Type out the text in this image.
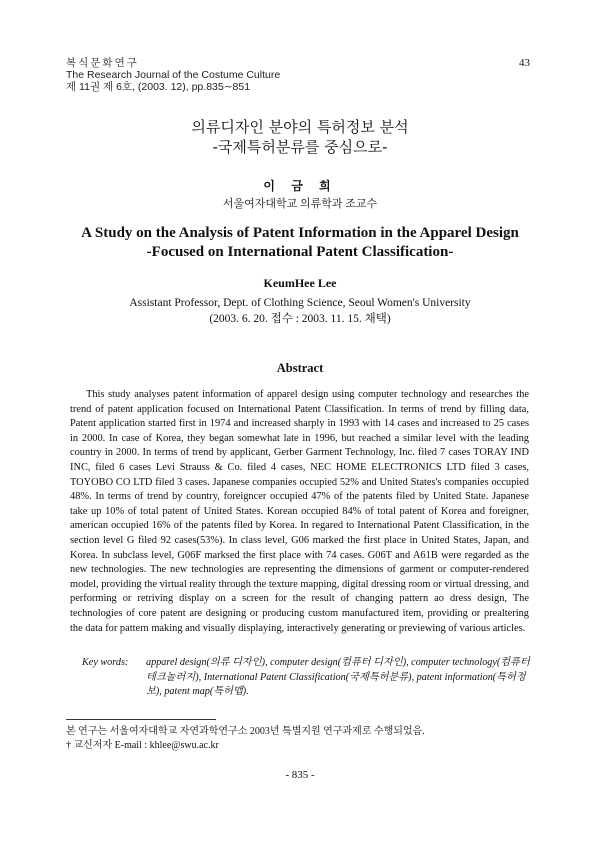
복식문화연구
The Research Journal of the Costume Culture
제 11권 제 6호, (2003. 12), pp.835∼851
43
의류디자인 분야의 특허정보 분석
-국제특허분류를 중심으로-
이 금 희
서울여자대학교 의류학과 조교수
A Study on the Analysis of Patent Information in the Apparel Design
-Focused on International Patent Classification-
KeumHee Lee
Assistant Professor, Dept. of Clothing Science, Seoul Women's University
(2003. 6. 20. 접수 : 2003. 11. 15. 채택)
Abstract

This study analyses patent information of apparel design using computer technology and researches the trend of patent application focused on International Patent Classification. In terms of trend by filling data, Patent application started first in 1974 and increased sharply in 1993 with 14 cases and increased to 25 cases in 2000. In case of Korea, they began somewhat late in 1996, but reached a similar level with the leading country in 2000. In terms of trend by applicant, Gerber Garment Technology, Inc. filed 7 cases TORAY IND INC, filed 6 cases Levi Strauss & Co. filed 4 cases, NEC HOME ELECTRONICS LTD filed 3 cases, TOYOBO CO LTD filed 3 cases. Japanese companies occupied 52% and United States's companies occupied 48%. In terms of trend by country, foreigncer occupied 47% of the patents filed by United State. Japanese take up 10% of total patent of United States. Korean occupied 84% of total patent of Korea and foreigner, american occupied 16% of the patents filed by Korea. In regared to International Patent Classification, in the section level G filed 92 cases(53%). In class level, G06 marked the first place in United States, Japan, and Korea. In subclass level, G06F marksed the first place with 74 cases. G06T and A61B were regarded as the new technologies. The new technologies are representing the dimensions of garment or computer-rendered model, providing the virtual reality through the texture mapping, digital dressing room or virtual dressing, and performing or retriving display on a screen for the result of changing pattern ao dress design, The technologies of core patent are designing or producing custom manufactured item, providing or prealtering the data for pattern making and visually displaying, interactively generating or previewing of various articles.

Key words:	apparel design(의류 디자인), computer design(컴퓨터 디자인), computer technology(컴퓨터 테크놀러지), International Patent Classification(국제특허분류), patent information(특허정보), patent map(특허맵).
본 연구는 서울여자대학교 자연과학연구소 2003년 특별지원 연구과제로 수행되었음.
† 교신저자 E-mail : khlee@swu.ac.kr
- 835 -
